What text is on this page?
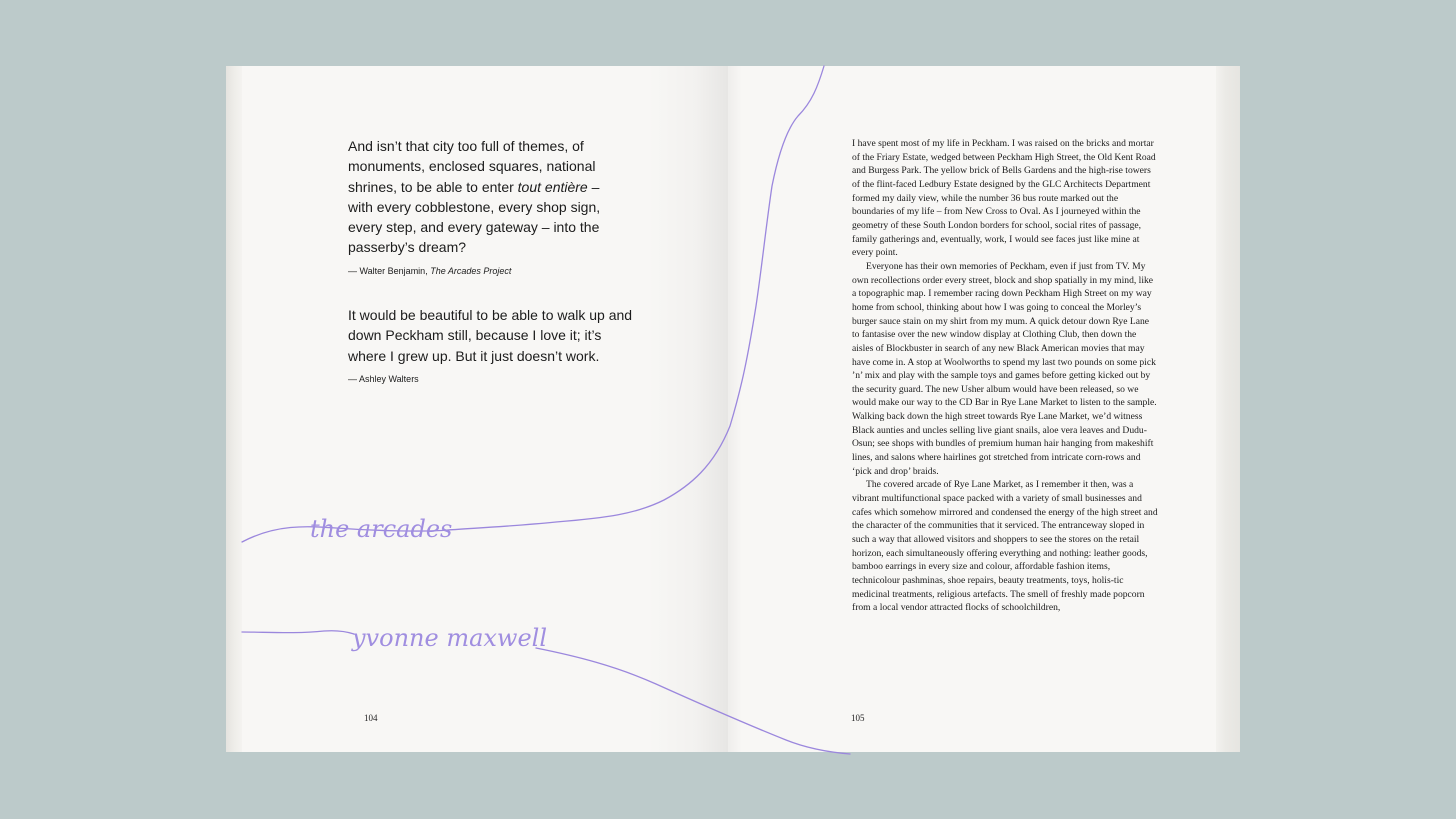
And isn’t that city too full of themes, of monuments, enclosed squares, national shrines, to be able to enter tout entière – with every cobblestone, every shop sign, every step, and every gateway – into the passerby’s dream?

— Walter Benjamin, The Arcades Project

It would be beautiful to be able to walk up and down Peckham still, because I love it; it’s where I grew up. But it just doesn’t work.

— Ashley Walters

104

I have spent most of my life in Peckham. I was raised on the bricks and mortar of the Friary Estate, wedged between Peckham High Street, the Old Kent Road and Burgess Park. The yellow brick of Bells Gardens and the high-rise towers of the flint-faced Ledbury Estate designed by the GLC Architects Department formed my daily view, while the number 36 bus route marked out the boundaries of my life – from New Cross to Oval. As I journeyed within the geometry of these South London borders for school, social rites of passage, family gatherings and, eventually, work, I would see faces just like mine at every point.

Everyone has their own memories of Peckham, even if just from TV. My own recollections order every street, block and shop spatially in my mind, like a topographic map. I remember racing down Peckham High Street on my way home from school, thinking about how I was going to conceal the Morley’s burger sauce stain on my shirt from my mum. A quick detour down Rye Lane to fantasise over the new window display at Clothing Club, then down the aisles of Blockbuster in search of any new Black American movies that may have come in. A stop at Woolworths to spend my last two pounds on some pick ’n’ mix and play with the sample toys and games before getting kicked out by the security guard. The new Usher album would have been released, so we would make our way to the CD Bar in Rye Lane Market to listen to the sample. Walking back down the high street towards Rye Lane Market, we’d witness Black aunties and uncles selling live giant snails, aloe vera leaves and Dudu-Osun; see shops with bundles of premium human hair hanging from makeshift lines, and salons where hairlines got stretched from intricate corn-rows and ‘pick and drop’ braids.

The covered arcade of Rye Lane Market, as I remember it then, was a vibrant multifunctional space packed with a variety of small businesses and cafes which somehow mirrored and condensed the energy of the high street and the character of the communities that it serviced. The entranceway sloped in such a way that allowed visitors and shoppers to see the stores on the retail horizon, each simultaneously offering everything and nothing: leather goods, bamboo earrings in every size and colour, affordable fashion items, technicolour pashminas, shoe repairs, beauty treatments, toys, holis-tic medicinal treatments, religious artefacts. The smell of freshly made popcorn from a local vendor attracted flocks of schoolchildren,

105
the arcades
yvonne maxwell
